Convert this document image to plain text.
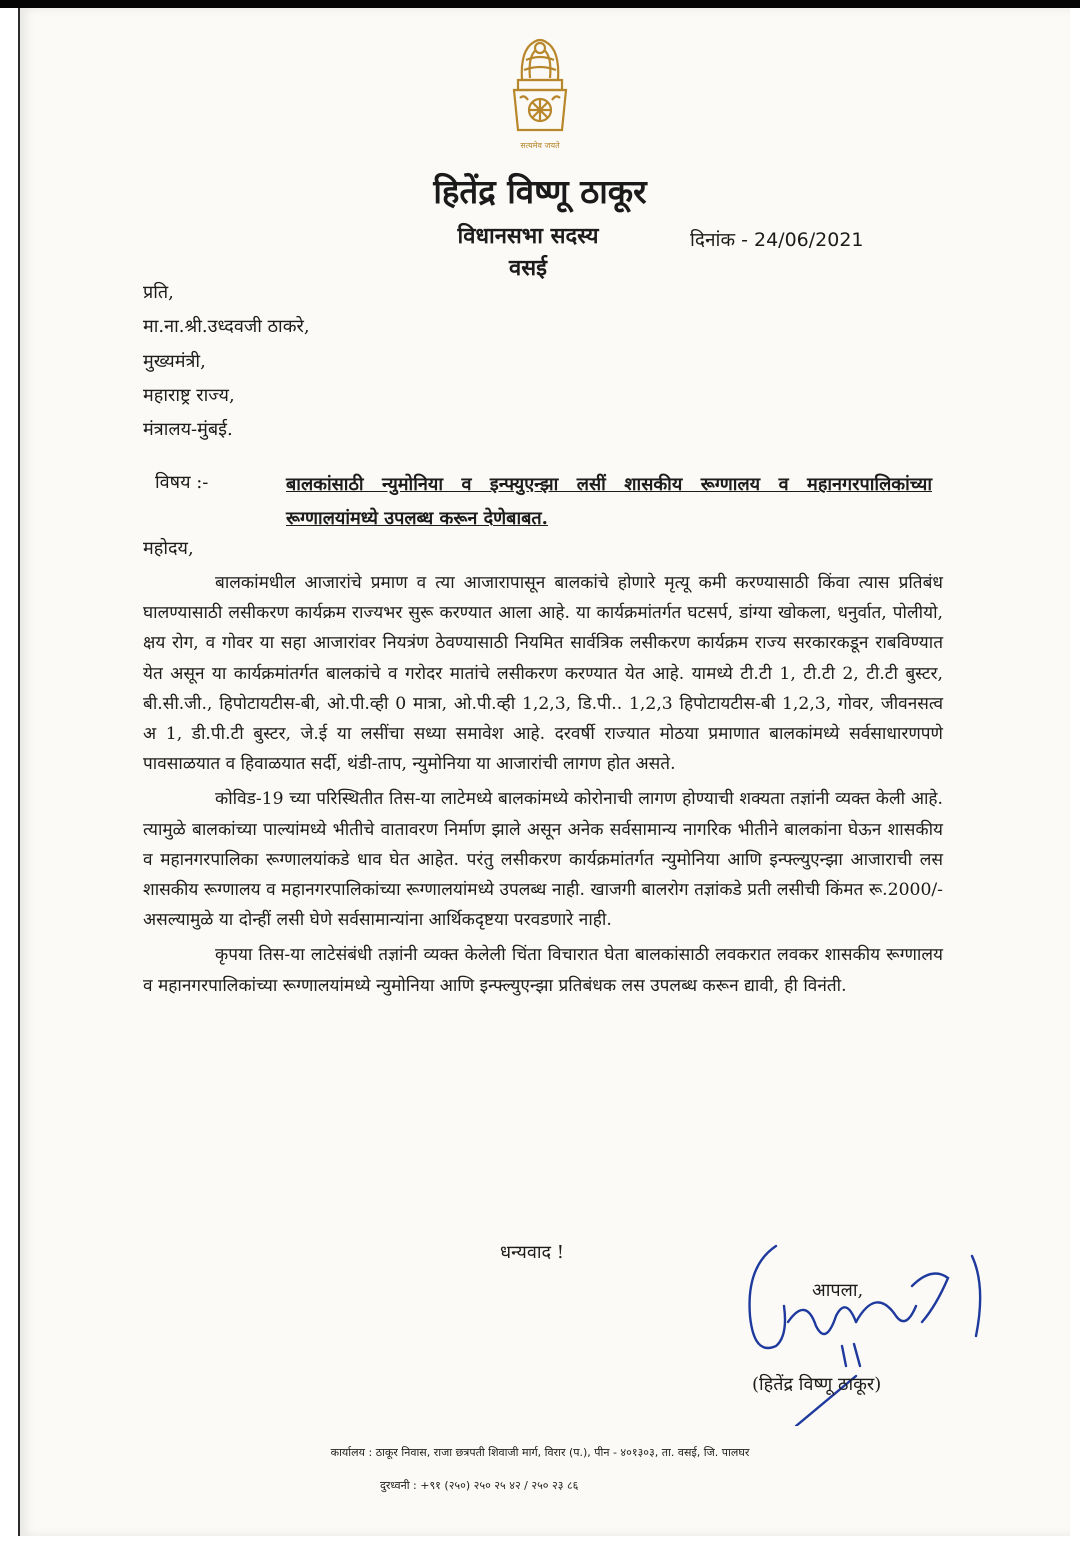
सत्यमेव जयते
हितेंद्र विष्णू ठाकूर
विधानसभा सदस्य
वसई
दिनांक - 24/06/2021
प्रति,
मा.ना.श्री.उध्दवजी ठाकरे,
मुख्यमंत्री,
महाराष्ट्र राज्य,
मंत्रालय-मुंबई.
विषय :-	बालकांसाठी न्युमोनिया व इन्फ्युएन्झा लसीं शासकीय रूग्णालय व महानगरपालिकांच्या रूग्णालयांमध्ये उपलब्ध करून देणेबाबत.
महोदय,

बालकांमधील आजारांचे प्रमाण व त्या आजारापासून बालकांचे होणारे मृत्यू कमी करण्यासाठी किंवा त्यास प्रतिबंध घालण्यासाठी लसीकरण कार्यक्रम राज्यभर सुरू करण्यात आला आहे. या कार्यक्रमांतर्गत घटसर्प, डांग्या खोकला, धनुर्वात, पोलीयो, क्षय रोग, व गोवर या सहा आजारांवर नियत्रंण ठेवण्यासाठी नियमित सार्वत्रिक लसीकरण कार्यक्रम राज्य सरकारकडून राबविण्यात येत असून या कार्यक्रमांतर्गत बालकांचे व गरोदर मातांचे लसीकरण करण्यात येत आहे. यामध्ये टी.टी 1, टी.टी 2, टी.टी बुस्टर, बी.सी.जी., हिपोटायटीस-बी, ओ.पी.व्ही 0 मात्रा, ओ.पी.व्ही 1,2,3, डि.पी.. 1,2,3 हिपोटायटीस-बी 1,2,3, गोवर, जीवनसत्व अ 1, डी.पी.टी बुस्टर, जे.ई या लसींचा सध्या समावेश आहे. दरवर्षी राज्यात मोठया प्रमाणात बालकांमध्ये सर्वसाधारणपणे पावसाळयात व हिवाळयात सर्दी, थंडी-ताप, न्युमोनिया या आजारांची लागण होत असते.

कोविड-19 च्या परिस्थितीत तिस-या लाटेमध्ये बालकांमध्ये कोरोनाची लागण होण्याची शक्यता तज्ञांनी व्यक्त केली आहे. त्यामुळे बालकांच्या पाल्यांमध्ये भीतीचे वातावरण निर्माण झाले असून अनेक सर्वसामान्य नागरिक भीतीने बालकांना घेऊन शासकीय व महानगरपालिका रूग्णालयांकडे धाव घेत आहेत. परंतु लसीकरण कार्यक्रमांतर्गत न्युमोनिया आणि इन्फ्ल्युएन्झा आजाराची लस शासकीय रूग्णालय व महानगरपालिकांच्या रूग्णालयांमध्ये उपलब्ध नाही. खाजगी बालरोग तज्ञांकडे प्रती लसीची किंमत रू.2000/- असल्यामुळे या दोन्हीं लसी घेणे सर्वसामान्यांना आर्थिकदृष्टया परवडणारे नाही.

कृपया तिस-या लाटेसंबंधी तज्ञांनी व्यक्त केलेली चिंता विचारात घेता बालकांसाठी लवकरात लवकर शासकीय रूग्णालय व महानगरपालिकांच्या रूग्णालयांमध्ये न्युमोनिया आणि इन्फ्ल्युएन्झा प्रतिबंधक लस उपलब्ध करून द्यावी, ही विनंती.

धन्यवाद !
आपला,
(हितेंद्र विष्णू ठाकूर)
कार्यालय : ठाकूर निवास, राजा छत्रपती शिवाजी मार्ग, विरार (प.), पीन - ४०१३०३, ता. वसई, जि. पालघर
दुरध्वनी : +९१ (२५०) २५० २५ ४२ / २५० २३ ८६
